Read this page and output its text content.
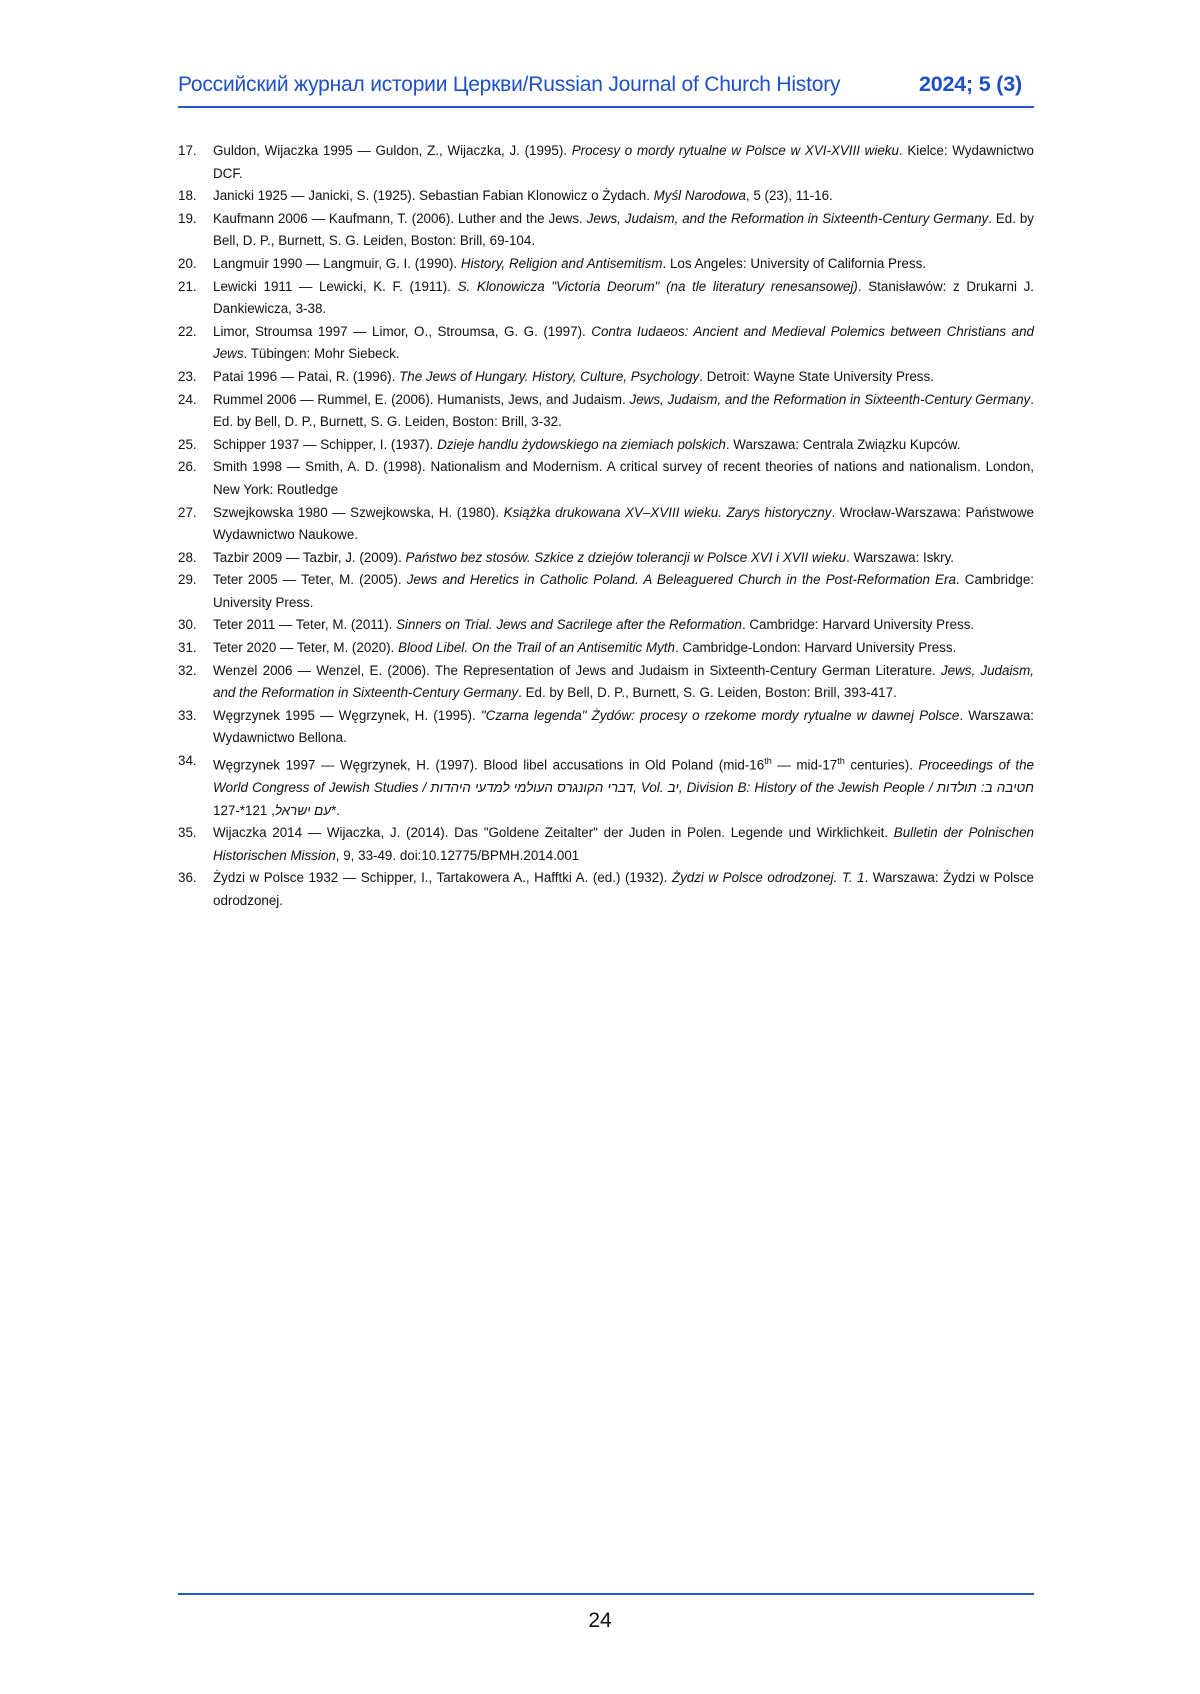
Российский журнал истории Церкви/Russian Journal of Church History	2024; 5 (3)
17.	Guldon, Wijaczka 1995 — Guldon, Z., Wijaczka, J. (1995). Procesy o mordy rytualne w Polsce w XVI-XVIII wieku. Kielce: Wydawnictwo DCF.
18.	Janicki 1925 — Janicki, S. (1925). Sebastian Fabian Klonowicz o Żydach. Myśl Narodowa, 5 (23), 11-16.
19.	Kaufmann 2006 — Kaufmann, T. (2006). Luther and the Jews. Jews, Judaism, and the Reformation in Sixteenth-Century Germany. Ed. by Bell, D. P., Burnett, S. G. Leiden, Boston: Brill, 69-104.
20.	Langmuir 1990 — Langmuir, G. I. (1990). History, Religion and Antisemitism. Los Angeles: University of California Press.
21.	Lewicki 1911 — Lewicki, K. F. (1911). S. Klonowicza "Victoria Deorum" (na tle literatury renesansowej). Stanisławów: z Drukarni J. Dankiewicza, 3-38.
22.	Limor, Stroumsa 1997 — Limor, O., Stroumsa, G. G. (1997). Contra Iudaeos: Ancient and Medieval Polemics between Christians and Jews. Tübingen: Mohr Siebeck.
23.	Patai 1996 — Patai, R. (1996). The Jews of Hungary. History, Culture, Psychology. Detroit: Wayne State University Press.
24.	Rummel 2006 — Rummel, E. (2006). Humanists, Jews, and Judaism. Jews, Judaism, and the Reformation in Sixteenth-Century Germany. Ed. by Bell, D. P., Burnett, S. G. Leiden, Boston: Brill, 3-32.
25.	Schipper 1937 — Schipper, I. (1937). Dzieje handlu żydowskiego na ziemiach polskich. Warszawa: Centrala Związku Kupców.
26.	Smith 1998 — Smith, A. D. (1998). Nationalism and Modernism. A critical survey of recent theories of nations and nationalism. London, New York: Routledge
27.	Szwejkowska 1980 — Szwejkowska, H. (1980). Książka drukowana XV–XVIII wieku. Zarys historyczny. Wrocław-Warszawa: Państwowe Wydawnictwo Naukowe.
28.	Tazbir 2009 — Tazbir, J. (2009). Państwo bez stosów. Szkice z dziejów tolerancji w Polsce XVI i XVII wieku. Warszawa: Iskry.
29.	Teter 2005 — Teter, M. (2005). Jews and Heretics in Catholic Poland. A Beleaguered Church in the Post-Reformation Era. Cambridge: University Press.
30.	Teter 2011 — Teter, M. (2011). Sinners on Trial. Jews and Sacrilege after the Reformation. Cambridge: Harvard University Press.
31.	Teter 2020 — Teter, M. (2020). Blood Libel. On the Trail of an Antisemitic Myth. Cambridge-London: Harvard University Press.
32.	Wenzel 2006 — Wenzel, E. (2006). The Representation of Jews and Judaism in Sixteenth-Century German Literature. Jews, Judaism, and the Reformation in Sixteenth-Century Germany. Ed. by Bell, D. P., Burnett, S. G. Leiden, Boston: Brill, 393-417.
33.	Węgrzynek 1995 — Węgrzynek, H. (1995). "Czarna legenda" Żydów: procesy o rzekome mordy rytualne w dawnej Polsce. Warszawa: Wydawnictwo Bellona.
34.	Węgrzynek 1997 — Węgrzynek, H. (1997). Blood libel accusations in Old Poland (mid-16th — mid-17th centuries). Proceedings of the World Congress of Jewish Studies / דברי הקונגרס העולמי למדעי היהדות, Vol. יב, Division B: History of the Jewish People / חטיבה ב: תולדות עם ישראל, 121*-127*.
35.	Wijaczka 2014 — Wijaczka, J. (2014). Das "Goldene Zeitalter" der Juden in Polen. Legende und Wirklichkeit. Bulletin der Polnischen Historischen Mission, 9, 33-49. doi:10.12775/BPMH.2014.001
36.	Żydzi w Polsce 1932 — Schipper, I., Tartakowera A., Hafftki A. (ed.) (1932). Żydzi w Polsce odrodzonej. T. 1. Warszawa: Żydzi w Polsce odrodzonej.
24
